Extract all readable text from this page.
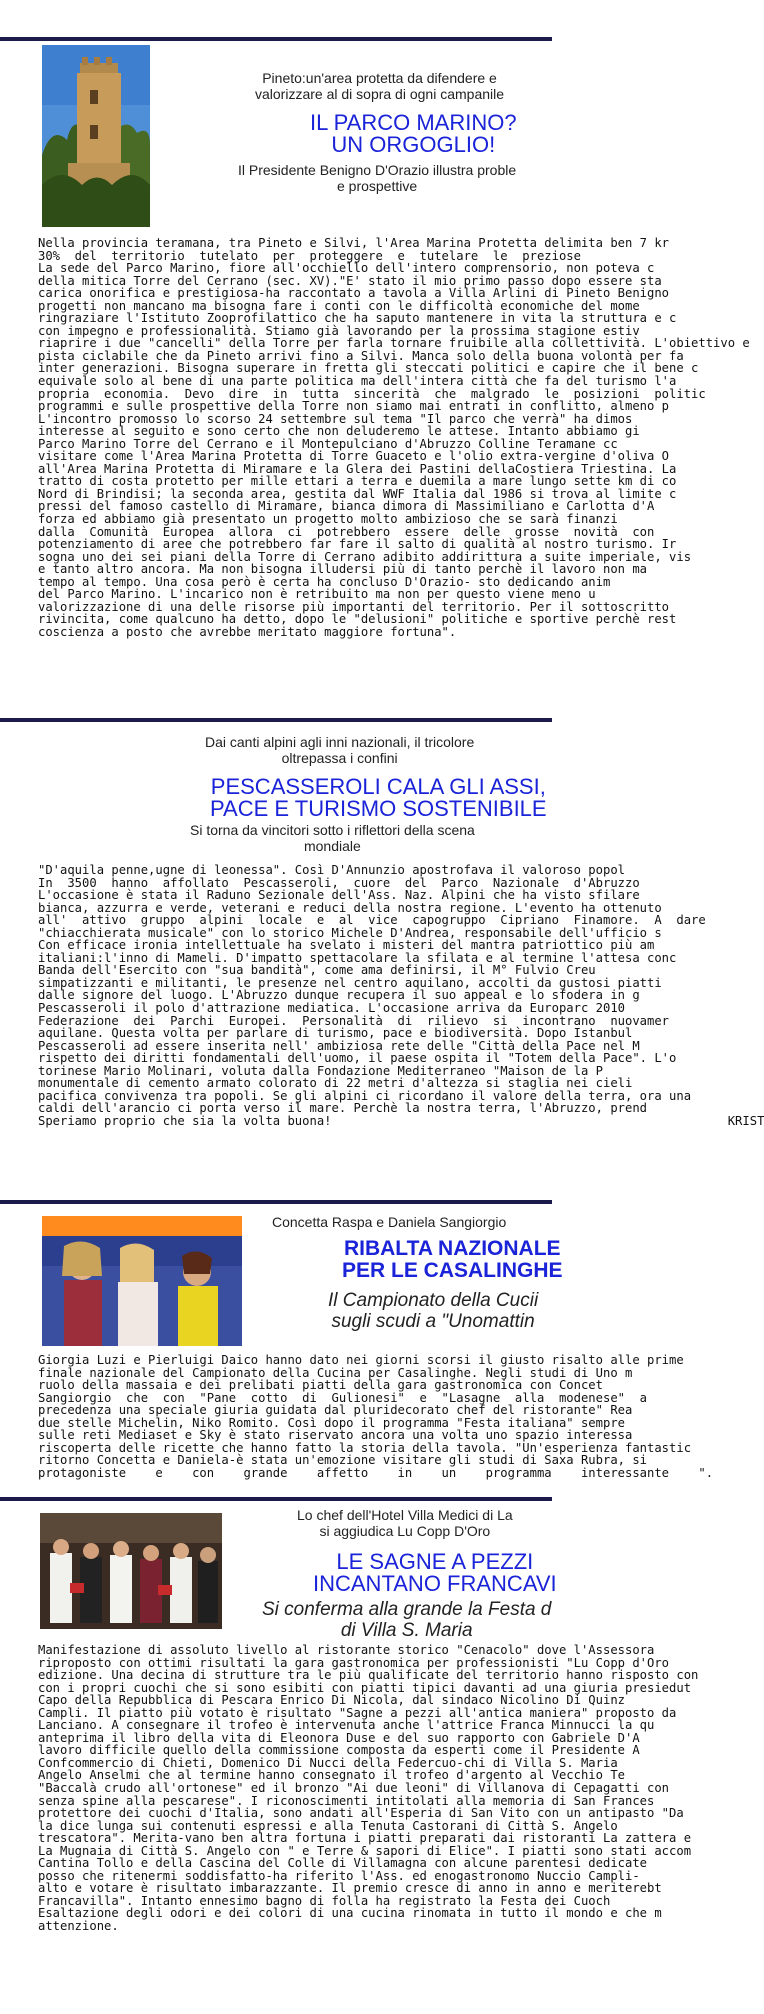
Pineto:un'area protetta da difendere e
valorizzare al di sopra di ogni campanile
IL PARCO MARINO?
UN ORGOGLIO!
Il Presidente Benigno D'Orazio illustra proble
e prospettive
Nella provincia teramana, tra Pineto e Silvi, l'Area Marina Protetta delimita ben 7 kr
30%  del  territorio  tutelato  per  proteggere  e  tutelare  le  preziose
La sede del Parco Marino, fiore all'occhiello dell'intero comprensorio, non poteva c
della mitica Torre del Cerrano (sec. XV)."E' stato il mio primo passo dopo essere sta
carica onorifica e prestigiosa-ha raccontato a tavola a Villa Arlini di Pineto Benigno
progetti non mancano ma bisogna fare i conti con le difficoltà economiche del mome
ringraziare l'Istituto Zooprofilattico che ha saputo mantenere in vita la struttura e c
con impegno e professionalità. Stiamo già lavorando per la prossima stagione estiv
riaprire i due "cancelli" della Torre per farla tornare fruibile alla collettività. L'obiettivo e
pista ciclabile che da Pineto arrivi fino a Silvi. Manca solo della buona volontà per fa
inter generazioni. Bisogna superare in fretta gli steccati politici e capire che il bene c
equivale solo al bene di una parte politica ma dell'intera città che fa del turismo l'a
propria  economia.  Devo  dire  in  tutta  sincerità  che  malgrado  le  posizioni  politic
programmi e sulle prospettive della Torre non siamo mai entrati in conflitto, almeno p
L'incontro promosso lo scorso 24 settembre sul tema "Il parco che verrà" ha dimos
interesse al seguito e sono certo che non deluderemo le attese. Intanto abbiamo gi
Parco Marino Torre del Cerrano e il Montepulciano d'Abruzzo Colline Teramane cc
visitare come l'Area Marina Protetta di Torre Guaceto e l'olio extra-vergine d'oliva O
all'Area Marina Protetta di Miramare e la Glera dei Pastini dellaCostiera Triestina. La
tratto di costa protetto per mille ettari a terra e duemila a mare lungo sette km di co
Nord di Brindisi; la seconda area, gestita dal WWF Italia dal 1986 si trova al limite c
pressi del famoso castello di Miramare, bianca dimora di Massimiliano e Carlotta d'A
forza ed abbiamo già presentato un progetto molto ambizioso che se sarà finanzi
dalla  Comunità  Europea  allora  ci  potrebbero  essere  delle  grosse  novità  con
potenziamento di aree che potrebbero far fare il salto di qualità al nostro turismo. Ir
sogna uno dei sei piani della Torre di Cerrano adibito addirittura a suite imperiale, vis
e tanto altro ancora. Ma non bisogna illudersi più di tanto perchè il lavoro non ma
tempo al tempo. Una cosa però è certa ha concluso D'Orazio- sto dedicando anim
del Parco Marino. L'incarico non è retribuito ma non per questo viene meno u
valorizzazione di una delle risorse più importanti del territorio. Per il sottoscritto
rivincita, come qualcuno ha detto, dopo le "delusioni" politiche e sportive perchè rest
coscienza a posto che avrebbe meritato maggiore fortuna".
Dai canti alpini agli inni nazionali, il tricolore
oltrepassa i confini
PESCASSEROLI CALA GLI ASSI,
PACE E TURISMO SOSTENIBILE
Si torna da vincitori sotto i riflettori della scena
mondiale
"D'aquila penne,ugne di leonessa". Così D'Annunzio apostrofava il valoroso popol
In  3500  hanno  affollato  Pescasseroli,  cuore  del  Parco  Nazionale  d'Abruzzo
L'occasione è stata il Raduno Sezionale dell'Ass. Naz. Alpini che ha visto sfilare
bianca, azzurra e verde, veterani e reduci della nostra regione. L'evento ha ottenuto
all'  attivo  gruppo  alpini  locale  e  al  vice  capogruppo  Cipriano  Finamore.  A  dare
"chiacchierata musicale" con lo storico Michele D'Andrea, responsabile dell'ufficio s
Con efficace ironia intellettuale ha svelato i misteri del mantra patriottico più am
italiani:l'inno di Mameli. D'impatto spettacolare la sfilata e al termine l'attesa conc
Banda dell'Esercito con "sua bandità", come ama definirsi, il M° Fulvio Creu
simpatizzanti e militanti, le presenze nel centro aquilano, accolti da gustosi piatti
dalle signore del luogo. L'Abruzzo dunque recupera il suo appeal e lo sfodera in g
Pescasseroli il polo d'attrazione mediatica. L'occasione arriva da Europarc 2010
Federazione  dei  Parchi  Europei.  Personalità  di  rilievo  si  incontrano  nuovamer
aquilane. Questa volta per parlare di turismo, pace e biodiversità. Dopo Istanbul
Pescasseroli ad essere inserita nell' ambiziosa rete delle "Città della Pace nel M
rispetto dei diritti fondamentali dell'uomo, il paese ospita il "Totem della Pace". L'o
torinese Mario Molinari, voluta dalla Fondazione Mediterraneo "Maison de la P
monumentale di cemento armato colorato di 22 metri d'altezza si staglia nei cieli
pacifica convivenza tra popoli. Se gli alpini ci ricordano il valore della terra, ora una
caldi dell'arancio ci porta verso il mare. Perchè la nostra terra, l'Abruzzo, prend
Speriamo proprio che sia la volta buona!                                                      KRIST
Concetta Raspa e Daniela Sangiorgio
RIBALTA NAZIONALE
PER LE CASALINGHE
Il Campionato della Cucii
sugli scudi a "Unomattin
Giorgia Luzi e Pierluigi Daico hanno dato nei giorni scorsi il giusto risalto alle prime
finale nazionale del Campionato della Cucina per Casalinghe. Negli studi di Uno m
ruolo della massaia e dei prelibati piatti della gara gastronomica con Concet
Sangiorgio  che  con  "Pane  cotto  di  Gulionesi"  e  "Lasagne  alla  modenese"  a
precedenza una speciale giuria guidata dal pluridecorato chef del ristorante" Rea
due stelle Michelin, Niko Romito. Così dopo il programma "Festa italiana" sempre
sulle reti Mediaset e Sky è stato riservato ancora una volta uno spazio interessa
riscoperta delle ricette che hanno fatto la storia della tavola. "Un'esperienza fantastic
ritorno Concetta e Daniela-è stata un'emozione visitare gli studi di Saxa Rubra, si
protagoniste    e    con    grande    affetto    in    un    programma    interessante    ".
Lo chef dell'Hotel Villa Medici di La
si aggiudica Lu Copp D'Oro
LE SAGNE A PEZZI
INCANTANO FRANCAVI
Si conferma alla grande la Festa d
di Villa S. Maria
Manifestazione di assoluto livello al ristorante storico "Cenacolo" dove l'Assessora
riproposto con ottimi risultati la gara gastronomica per professionisti "Lu Copp d'Oro
edizione. Una decina di strutture tra le più qualificate del territorio hanno risposto con
con i propri cuochi che si sono esibiti con piatti tipici davanti ad una giuria presiedut
Capo della Repubblica di Pescara Enrico Di Nicola, dal sindaco Nicolino Di Quinz
Campli. Il piatto più votato è risultato "Sagne a pezzi all'antica maniera" proposto da
Lanciano. A consegnare il trofeo è intervenuta anche l'attrice Franca Minnucci la qu
anteprima il libro della vita di Eleonora Duse e del suo rapporto con Gabriele D'A
lavoro difficile quello della commissione composta da esperti come il Presidente A
Confcommercio di Chieti, Domenico Di Nucci della Federcuo-chi di Villa S. Maria
Angelo Anselmi che al termine hanno consegnato il trofeo d'argento al Vecchio Te
"Baccalà crudo all'ortonese" ed il bronzo "Ai due leoni" di Villanova di Cepagatti con
senza spine alla pescarese". I riconoscimenti intitolati alla memoria di San Frances
protettore dei cuochi d'Italia, sono andati all'Esperia di San Vito con un antipasto "Da
la dice lunga sui contenuti espressi e alla Tenuta Castorani di Città S. Angelo
trescatora". Merita-vano ben altra fortuna i piatti preparati dai ristoranti La zattera e
La Mugnaia di Città S. Angelo con " e Terre & sapori di Elice". I piatti sono stati accom
Cantina Tollo e della Cascina del Colle di Villamagna con alcune parentesi dedicate
posso che ritenermi soddisfatto-ha riferito l'Ass. ed enogastronomo Nuccio Campli-
alto e votare è risultato imbarazzante. Il premio cresce di anno in anno e meriterebt
Francavilla". Intanto ennesimo bagno di folla ha registrato la Festa dei Cuoch
Esaltazione degli odori e dei colori di una cucina rinomata in tutto il mondo e che m
attenzione.
